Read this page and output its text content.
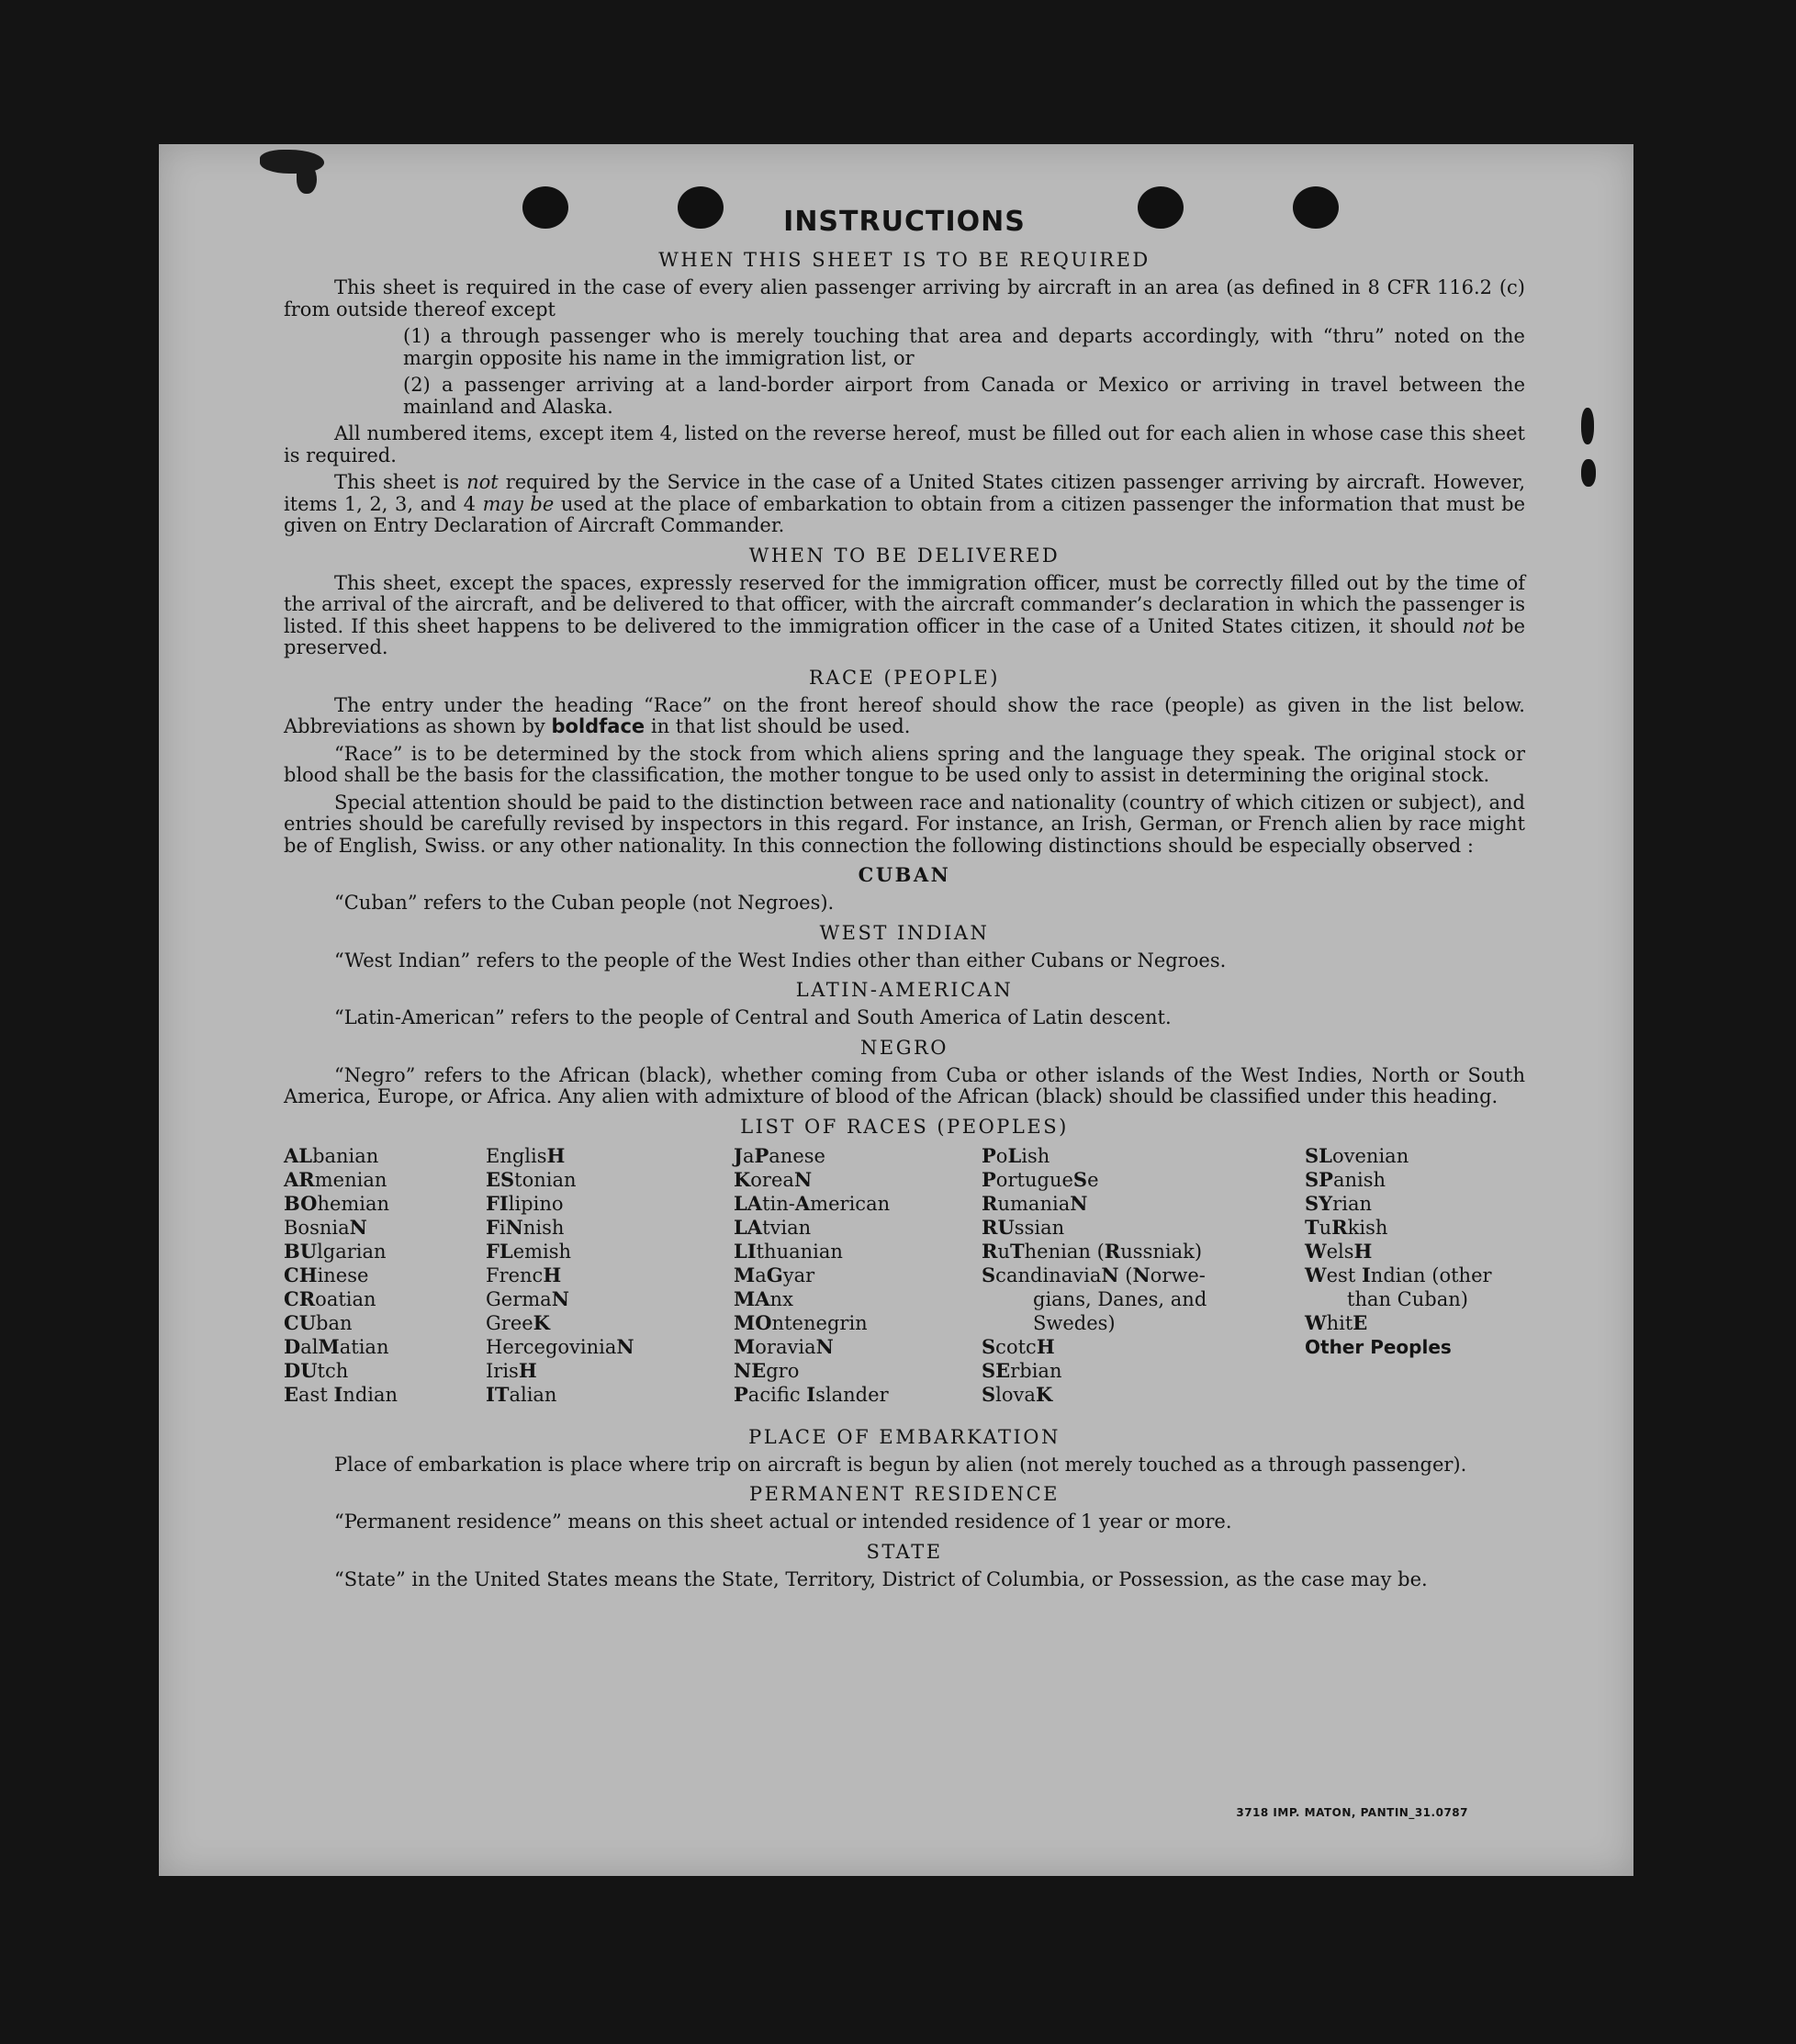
INSTRUCTIONS
WHEN THIS SHEET IS TO BE REQUIRED

This sheet is required in the case of every alien passenger arriving by aircraft in an area (as defined in 8 CFR 116.2 (c) from outside thereof except

(1) a through passenger who is merely touching that area and departs accordingly, with “thru” noted on the margin opposite his name in the immigration list, or
(2) a passenger arriving at a land-border airport from Canada or Mexico or arriving in travel between the mainland and Alaska.

All numbered items, except item 4, listed on the reverse hereof, must be filled out for each alien in whose case this sheet is required.

This sheet is not required by the Service in the case of a United States citizen passenger arriving by aircraft. However, items 1, 2, 3, and 4 may be used at the place of embarkation to obtain from a citizen passenger the information that must be given on Entry Declaration of Aircraft Commander.

WHEN TO BE DELIVERED

This sheet, except the spaces, expressly reserved for the immigration officer, must be correctly filled out by the time of the arrival of the aircraft, and be delivered to that officer, with the aircraft commander’s declaration in which the passenger is listed. If this sheet happens to be delivered to the immigration officer in the case of a United States citizen, it should not be preserved.

RACE (PEOPLE)

The entry under the heading “Race” on the front hereof should show the race (people) as given in the list below. Abbreviations as shown by boldface in that list should be used.

“Race” is to be determined by the stock from which aliens spring and the language they speak. The original stock or blood shall be the basis for the classification, the mother tongue to be used only to assist in determining the original stock.

Special attention should be paid to the distinction between race and nationality (country of which citizen or subject), and entries should be carefully revised by inspectors in this regard. For instance, an Irish, German, or French alien by race might be of English, Swiss. or any other nationality. In this connection the following distinctions should be especially observed :

CUBAN

“Cuban” refers to the Cuban people (not Negroes).

WEST INDIAN

“West Indian” refers to the people of the West Indies other than either Cubans or Negroes.

LATIN-AMERICAN

“Latin-American” refers to the people of Central and South America of Latin descent.

NEGRO

“Negro” refers to the African (black), whether coming from Cuba or other islands of the West Indies, North or South America, Europe, or Africa. Any alien with admixture of blood of the African (black) should be classified under this heading.

LIST OF RACES (PEOPLES)
ALbanian
ARmenian
BOhemian
BosniaN
BUlgarian
CHinese
CRoatian
CUban
DalMatian
DUtch
East Indian
EnglisH
EStonian
FIlipino
FiNnish
FLemish
FrencH
GermaN
GreeK
HercegoviniaN
IrisH
ITalian
JaPanese
KoreaN
LAtin-American
LAtvian
LIthuanian
MaGyar
MAnx
MOntenegrin
MoraviaN
NEgro
Pacifc Islander
PoLish
PortugueSe
RumaniaN
RUssian
RuThenian (Russniak)
ScandinaviaN (Norwe-
gians, Danes, and
Swedes)
ScotcH
SErbian
SlovaK
SLovenian
SPanish
SYrian
TuRkish
WelsH
West Indian (other
than Cuban)
WhitE
Other Peoples
PLACE OF EMBARKATION

Place of embarkation is place where trip on aircraft is begun by alien (not merely touched as a through passenger).

PERMANENT RESIDENCE

“Permanent residence” means on this sheet actual or intended residence of 1 year or more.

STATE

“State” in the United States means the State, Territory, District of Columbia, or Possession, as the case may be.

3718 IMP. MATON, PANTIN_31.0787
